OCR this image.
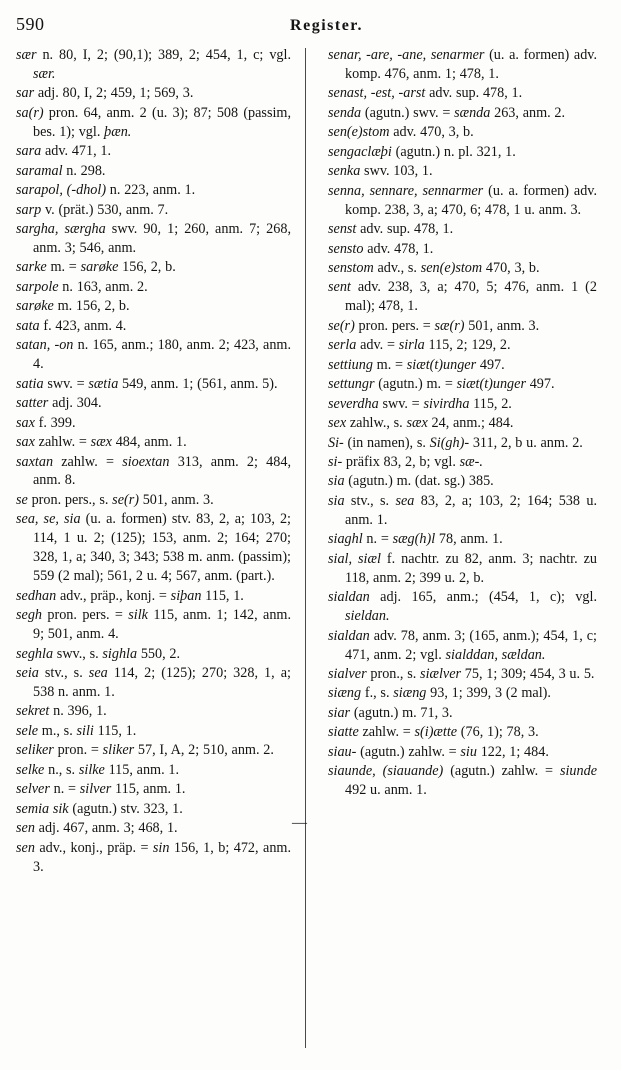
590	Register.

sær n. 80, I, 2; (90,1); 389, 2; 454, 1, c; vgl. sær.

sar adj. 80, I, 2; 459, 1; 569, 3.

sa(r) pron. 64, anm. 2 (u. 3); 87; 508 (passim, bes. 1); vgl. þæn.

sara adv. 471, 1.

saramal n. 298.

sarapol, (-dhol) n. 223, anm. 1.

sarp v. (prät.) 530, anm. 7.

sargha, særgha swv. 90, 1; 260, anm. 7; 268, anm. 3; 546, anm.

sarke m. = sarøke 156, 2, b.

sarpole n. 163, anm. 2.

sarøke m. 156, 2, b.

sata f. 423, anm. 4.

satan, -on n. 165, anm.; 180, anm. 2; 423, anm. 4.

satia swv. = sætia 549, anm. 1; (561, anm. 5).

satter adj. 304.

sax f. 399.

sax zahlw. = sæx 484, anm. 1.

saxtan zahlw. = sioextan 313, anm. 2; 484, anm. 8.

se pron. pers., s. se(r) 501, anm. 3.

sea, se, sia (u. a. formen) stv. 83, 2, a; 103, 2; 114, 1 u. 2; (125); 153, anm. 2; 164; 270; 328, 1, a; 340, 3; 343; 538 m. anm. (passim); 559 (2 mal); 561, 2 u. 4; 567, anm. (part.).

sedhan adv., präp., konj. = siþan 115, 1.

segh pron. pers. = silk 115, anm. 1; 142, anm. 9; 501, anm. 4.

seghla swv., s. sighla 550, 2.

seia stv., s. sea 114, 2; (125); 270; 328, 1, a; 538 n. anm. 1.

sekret n. 396, 1.

sele m., s. sili 115, 1.

seliker pron. = sliker 57, I, A, 2; 510, anm. 2.

selke n., s. silke 115, anm. 1.

selver n. = silver 115, anm. 1.

semia sik (agutn.) stv. 323, 1.

sen adj. 467, anm. 3; 468, 1.

sen adv., konj., präp. = sin 156, 1, b; 472, anm. 3.

senar, -are, -ane, senarmer (u. a. formen) adv. komp. 476, anm. 1; 478, 1.

senast, -est, -arst adv. sup. 478, 1.

senda (agutn.) swv. = sænda 263, anm. 2.

sen(e)stom adv. 470, 3, b.

sengaclæþi (agutn.) n. pl. 321, 1.

senka swv. 103, 1.

senna, sennare, sennarmer (u. a. formen) adv. komp. 238, 3, a; 470, 6; 478, 1 u. anm. 3.

senst adv. sup. 478, 1.

sensto adv. 478, 1.

senstom adv., s. sen(e)stom 470, 3, b.

sent adv. 238, 3, a; 470, 5; 476, anm. 1 (2 mal); 478, 1.

se(r) pron. pers. = sæ(r) 501, anm. 3.

serla adv. = sirla 115, 2; 129, 2.

settiung m. = siæt(t)unger 497.

settungr (agutn.) m. = siæt(t)unger 497.

severdha swv. = sivirdha 115, 2.

sex zahlw., s. sæx 24, anm.; 484.

Si- (in namen), s. Si(gh)- 311, 2, b u. anm. 2.

si- präfix 83, 2, b; vgl. sæ-.

sia (agutn.) m. (dat. sg.) 385.

sia stv., s. sea 83, 2, a; 103, 2; 164; 538 u. anm. 1.

siaghl n. = sæg(h)l 78, anm. 1.

sial, siæl f. nachtr. zu 82, anm. 3; nachtr. zu 118, anm. 2; 399 u. 2, b.

sialdan adj. 165, anm.; (454, 1, c); vgl. sieldan.

sialdan adv. 78, anm. 3; (165, anm.); 454, 1, c; 471, anm. 2; vgl. sialddan, sældan.

sialver pron., s. siælver 75, 1; 309; 454, 3 u. 5.

siæng f., s. siæng 93, 1; 399, 3 (2 mal).

siar (agutn.) m. 71, 3.

siatte zahlw. = s(i)ætte (76, 1); 78, 3.

siau- (agutn.) zahlw. = siu 122, 1; 484.

siaunde, (siauande) (agutn.) zahlw. = siunde 492 u. anm. 1.

—
